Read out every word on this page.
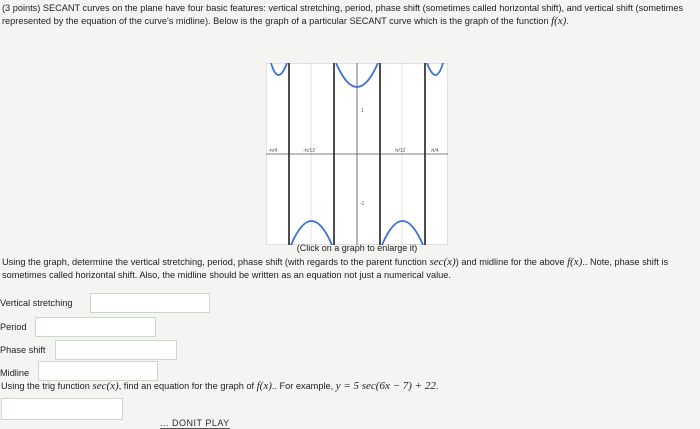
(3 points) SECANT curves on the plane have four basic features: vertical stretching, period, phase shift (sometimes called horizontal shift), and vertical shift (sometimes represented by the equation of the curve's midline). Below is the graph of a particular SECANT curve which is the graph of the function f(x).
-π/4	-π/12	π/12	π/4
1
-1
(Click on a graph to enlarge it)
Using the graph, determine the vertical stretching, period, phase shift (with regards to the parent function sec(x)) and midline for the above f(x).. Note, phase shift is sometimes called horizontal shift. Also, the midline should be written as an equation not just a numerical value.
Vertical stretching
Period
Phase shift
Midline
Using the trig function sec(x), find an equation for the graph of f(x).. For example, y = 5 sec(6x − 7) + 22.
... DONIT PLAY
